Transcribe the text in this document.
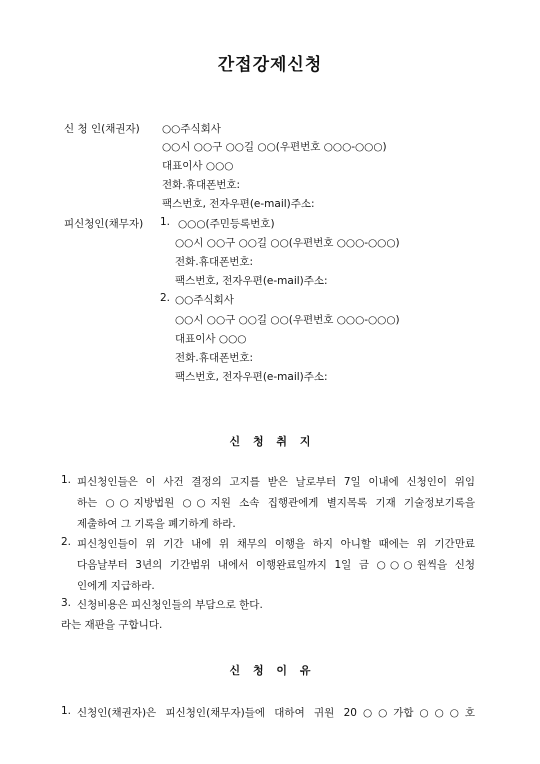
간접강제신청
신 청 인(채권자) ○○주식회사
○○시 ○○구 ○○길 ○○(우편번호 ○○○-○○○)
대표이사 ○○○
전화․휴대폰번호:
팩스번호, 전자우편(e-mail)주소:
피신청인(채무자) 1. ○○○(주민등록번호)
○○시 ○○구 ○○길 ○○(우편번호 ○○○-○○○)
전화․휴대폰번호:
팩스번호, 전자우편(e-mail)주소:
2. ○○주식회사
○○시 ○○구 ○○길 ○○(우편번호 ○○○-○○○)
대표이사 ○○○
전화․휴대폰번호:
팩스번호, 전자우편(e-mail)주소:
신 청 취 지
1. 피신청인들은 이 사건 결정의 고지를 받은 날로부터 7일 이내에 신청인이 위임
하는 ○○지방법원 ○○지원 소속 집행관에게 별지목록 기재 기술정보기록을
제출하여 그 기록을 폐기하게 하라.
2. 피신청인들이 위 기간 내에 위 채무의 이행을 하지 아니할 때에는 위 기간만료
다음날부터 3년의 기간범위 내에서 이행완료일까지 1일 금 ○○○원씩을 신청
인에게 지급하라.
3. 신청비용은 피신청인들의 부담으로 한다.
라는 재판을 구합니다.
신 청 이 유
1. 신청인(채권자)은 피신청인(채무자)들에 대하여 귀원 20○○가합○○○호
